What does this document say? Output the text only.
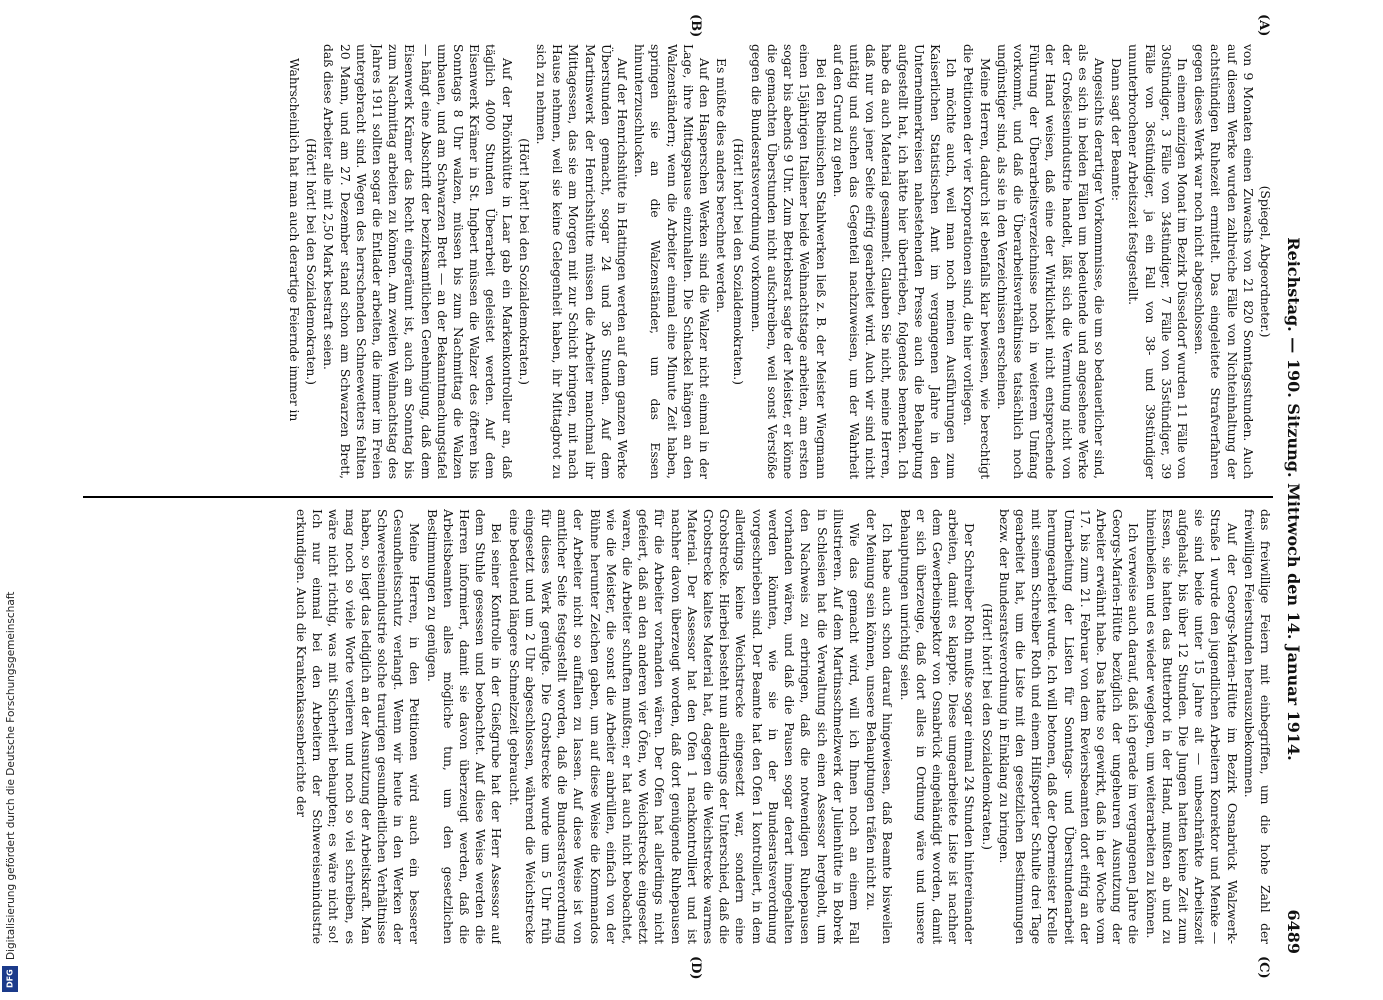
Digitalisierung gefördert durch die Deutsche Forschungsgemeinschaft
DFG
Reichstag. — 190. Sitzung. Mittwoch den 14. Januar 1914.
6489
(A)
(B)
(C)
(D)

(Spiegel, Abgeordneter.)

von 9 Monaten einen Zuwachs von 21 820 Sonntagsstunden. Auch auf diesem Werke wurden zahlreiche Fälle von Nichteinhaltung der achtstündigen Ruhezeit ermittelt. Das eingeleitete Strafverfahren gegen dieses Werk war noch nicht abgeschlossen.

In einem einzigen Monat im Bezirk Düsseldorf wurden 11 Fälle von 30stündiger, 3 Fälle von 34stündiger, 7 Fälle von 35stündiger, 39 Fälle von 36stündiger, ja ein Fall von 38- und 39stündiger ununterbrochener Arbeitszeit festgestellt.

Dann sagt der Beamte:

Angesichts derartiger Vorkommnisse, die um so bedauerlicher sind, als es sich in beiden Fällen um bedeutende und angesehene Werke der Großeisenindustrie handelt, läßt sich die Vermutung nicht von der Hand weisen, daß eine der Wirklichkeit nicht entsprechende Führung der Überarbeitsverzeichnisse noch in weiterem Umfang vorkommt, und daß die Überarbeitsverhältnisse tatsächlich noch ungünstiger sind, als sie in den Verzeichnissen erscheinen.

Meine Herren, dadurch ist ebenfalls klar bewiesen, wie berechtigt die Petitionen der vier Korporationen sind, die hier vorliegen.

Ich möchte auch, weil man noch meinen Ausführungen zum Kaiserlichen Statistischen Amt im vergangenen Jahre in den Unternehmerkreisen nahestehenden Presse auch die Behauptung aufgestellt hat, ich hätte hier übertrieben, folgendes bemerken. Ich habe da auch Material gesammelt. Glauben Sie nicht, meine Herren, daß nur von jener Seite eifrig gearbeitet wird. Auch wir sind nicht untätig und suchen das Gegenteil nachzuweisen, um der Wahrheit auf den Grund zu gehen.

Bei den Rheinischen Stahlwerken ließ z. B. der Meister Wiegmann einen 15jährigen Italiener beide Weihnachtstage arbeiten, am ersten sogar bis abends 9 Uhr. Zum Betriebsrat sagte der Meister, er könne die gemachten Überstunden nicht aufschreiben, weil sonst Verstöße gegen die Bundesratsverordnung vorkommen.

(Hört! hört! bei den Sozialdemokraten.)

Es müßte dies anders berechnet werden.

Auf den Hasperschen Werken sind die Walzer nicht einmal in der Lage, ihre Mittagspause einzuhalten. Die Schlackel hängen an den Walzenständern; wenn die Arbeiter einmal eine Minute Zeit haben, springen sie an die Walzenständer, um das Essen hinunterzuschlucken.

Auf der Henrichshütte in Hattingen werden auf dem ganzen Werke Überstunden gemacht, sogar 24 und 36 Stunden. Auf dem Martinswerk der Henrichshütte müssen die Arbeiter manchmal ihr Mittagessen, das sie am Morgen mit zur Schicht bringen, mit nach Hause nehmen, weil sie keine Gelegenheit haben, ihr Mittagbrot zu sich zu nehmen.

(Hört! hört! bei den Sozialdemokraten.)

Auf der Phönixhütte in Laar gab ein Markenkontrolleur an, daß täglich 4000 Stunden Überarbeit geleistet werden. Auf dem Eisenwerk Krämer in St. Ingbert müssen die Walzer des öfteren bis Sonntags 8 Uhr walzen, müssen bis zum Nachmittag die Walzen umbauen, und am Schwarzen Brett — an der Bekanntmachungstafel — hängt eine Abschrift der bezirksamtlichen Genehmigung, daß dem Eisenwerk Krämer das Recht eingeräumt ist, auch am Sonntag bis zum Nachmittag arbeiten zu können. Am zweiten Weihnachtstag des Jahres 1911 sollten sogar die Entlader arbeiten, die immer im Freien untergebracht sind. Wegen des herrschenden Schneewetters fehlten 20 Mann, und am 27. Dezember stand schon am Schwarzen Brett, daß diese Arbeiter alle mit 2,50 Mark bestraft seien.

(Hört! hört! bei den Sozialdemokraten.)

Wahrscheinlich hat man auch derartige Feiernde immer in

das freiwillige Feiern mit einbegriffen, um die hohe Zahl der freiwilligen Feierstunden herauszubekommen.

Auf der Georgs-Marien-Hütte im Bezirk Osnabrück Walzwerk-Straße 1 wurde den jugendlichen Arbeitern Konrektor und Menke — sie sind beide unter 15 Jahre alt — unbeschränkte Arbeitszeit aufgehalst, bis über 12 Stunden. Die Jungen hatten keine Zeit zum Essen, sie hatten das Butterbrot in der Hand, mußten ab und zu hineinbeißen und es wieder weglegen, um weiterarbeiten zu können.

Ich verweise auch darauf, daß ich gerade im vergangenen Jahre die Georgs-Marien-Hütte bezüglich der ungeheuren Ausnutzung der Arbeiter erwähnt habe. Das hatte so gewirkt, daß in der Woche vom 17. bis zum 21. Februar von dem Reviersbeamten dort eifrig an der Umarbeitung der Listen für Sonntags- und Überstundenarbeit herumgearbeitet wurde. Ich will betonen, daß der Obermeister Krelle mit seinem Schreiber Roth und einem Hilfsportier Schulte drei Tage gearbeitet hat, um die Liste mit den gesetzlichen Bestimmungen bezw. der Bundesratsverordnung in Einklang zu bringen.

(Hört! hört! bei den Sozialdemokraten.)

Der Schreiber Roth mußte sogar einmal 24 Stunden hintereinander arbeiten, damit es klappte. Diese umgearbeitete Liste ist nachher dem Gewerbeinspektor von Osnabrück eingehändigt worden, damit er sich überzeuge, daß dort alles in Ordnung wäre und unsere Behauptungen unrichtig seien.

Ich habe auch schon darauf hingewiesen, daß Beamte bisweilen der Meinung sein können, unsere Behauptungen träfen nicht zu.

Wie das gemacht wird, will ich Ihnen noch an einem Fall illustrieren. Auf dem Martinsschmelzwerk der Julienhütte in Bobrek in Schlesien hat die Verwaltung sich einen Assessor hergeholt, um den Nachweis zu erbringen, daß die notwendigen Ruhepausen vorhanden wären, und daß die Pausen sogar derart innegehalten werden könnten, wie sie in der Bundesratsverordnung vorgeschrieben sind. Der Beamte hat den Ofen 1 kontrolliert, in dem allerdings keine Weichstrecke eingesetzt war, sondern eine Grobstrecke. Hierbei besteht nun allerdings der Unterschied, daß die Grobstrecke kaltes Material hat, dagegen die Weichstrecke warmes Material. Der Assessor hat den Ofen 1 nachkontrolliert und ist nachher davon überzeugt worden, daß dort genügende Ruhepausen für die Arbeiter vorhanden wären. Der Ofen hat allerdings nicht gefeiert, daß an den anderen vier Öfen, wo Weichstrecke eingesetzt waren, die Arbeiter schuften mußten; er hat auch nicht beobachtet, wie die Meister, die sonst die Arbeiter anbrüllen, einfach von der Bühne herunter Zeichen gaben, um auf diese Weise die Kommandos der Arbeiter nicht so auffallen zu lassen. Auf diese Weise ist von amtlicher Seite festgestellt worden, daß die Bundesratsverordnung für dieses Werk genügte. Die Grobstrecke wurde um 5 Uhr früh eingesetzt und um 2 Uhr abgeschlossen, während die Weichstrecke eine bedeutend längere Schmelzzeit gebraucht.

Bei seiner Kontrolle in der Gießgrube hat der Herr Assessor auf dem Stuhle gesessen und beobachtet. Auf diese Weise werden die Herren informiert, damit sie davon überzeugt werden, daß die Arbeitsbeamten alles mögliche tun, um den gesetzlichen Bestimmungen zu genügen.

Meine Herren, in den Petitionen wird auch ein besserer Gesundheitsschutz verlangt. Wenn wir heute in den Werken der Schwereisenindustrie solche traurigen gesundheitlichen Verhältnisse haben, so liegt das lediglich an der Ausnutzung der Arbeitskraft. Man mag noch so viele Worte verlieren und noch so viel schreiben, es wäre nicht richtig, was mit Sicherheit behaupten; es wäre nicht so! Ich nur einmal bei den Arbeitern der Schwereisenindustrie erkundigen. Auch die Krankenkassenberichte der
